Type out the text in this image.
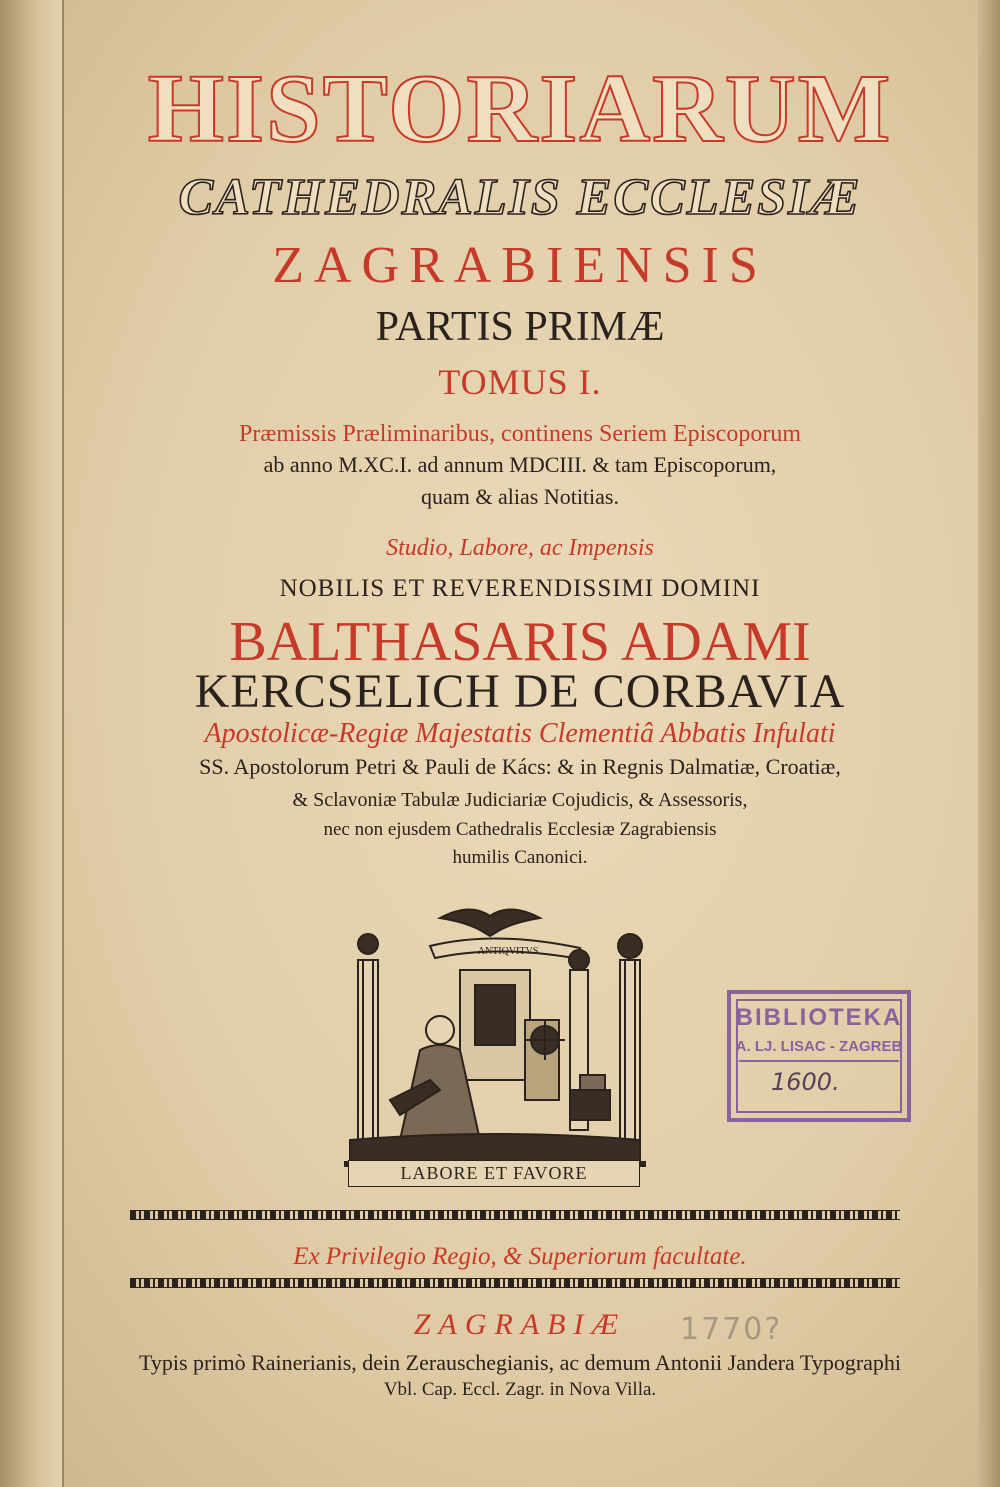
HISTORIARUM
CATHEDRALIS ECCLESIÆ
ZAGRABIENSIS
PARTIS PRIMÆ
TOMUS I.
Præmissis Præliminaribus, continens Seriem Episcoporum
ab anno M.XC.I. ad annum MDCIII. & tam Episcoporum,
quam & alias Notitias.
Studio, Labore, ac Impensis
NOBILIS ET REVERENDISSIMI DOMINI
BALTHASARIS ADAMI
KERCSELICH DE CORBAVIA
Apostolicæ-Regiæ Majestatis Clementiâ Abbatis Infulati
SS. Apostolorum Petri & Pauli de Kács: & in Regnis Dalmatiæ, Croatiæ,
& Sclavoniæ Tabulæ Judiciariæ Cojudicis, & Assessoris,
nec non ejusdem Cathedralis Ecclesiæ Zagrabiensis
humilis Canonici.
ANTIQVITVS
LABORE ET FAVORE
Ex Privilegio Regio, & Superiorum facultate.
ZAGRABIÆ
Typis primò Rainerianis, dein Zerauschegianis, ac demum Antonii Jandera Typographi
Vbl. Cap. Eccl. Zagr. in Nova Villa.
1770?
BIBLIOTEKA
A. LJ. LISAC - ZAGREB
1600.
